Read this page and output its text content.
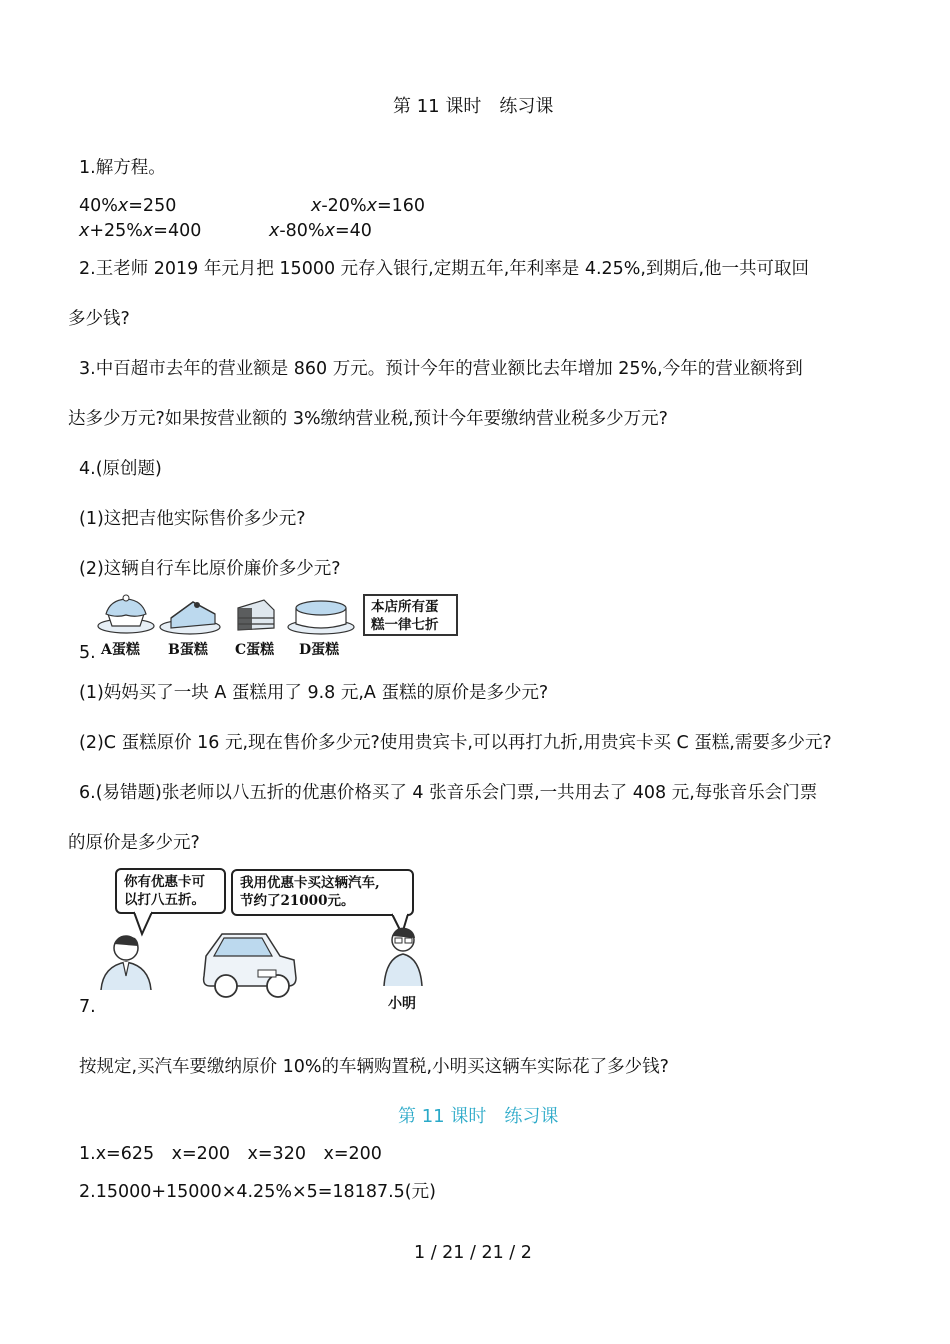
第 11 课时　练习课
1.解方程。
40%x=250	x-20%x=160
x+25%x=400	x-80%x=40
2.王老师 2019 年元月把 15000 元存入银行,定期五年,年利率是 4.25%,到期后,他一共可取回
多少钱?
3.中百超市去年的营业额是 860 万元。预计今年的营业额比去年增加 25%,今年的营业额将到
达多少万元?如果按营业额的 3%缴纳营业税,预计今年要缴纳营业税多少万元?
4.(原创题)
(1)这把吉他实际售价多少元?
(2)这辆自行车比原价廉价多少元?
5. A蛋糕 B蛋糕 C蛋糕 D蛋糕
本店所有蛋
糕一律七折
(1)妈妈买了一块 A 蛋糕用了 9.8 元,A 蛋糕的原价是多少元?
(2)C 蛋糕原价 16 元,现在售价多少元?使用贵宾卡,可以再打九折,用贵宾卡买 C 蛋糕,需要多少元?
6.(易错题)张老师以八五折的优惠价格买了 4 张音乐会门票,一共用去了 408 元,每张音乐会门票
的原价是多少元?
你有优惠卡可
以打八五折。
我用优惠卡买这辆汽车,
节约了21000元。
小明
7.
按规定,买汽车要缴纳原价 10%的车辆购置税,小明买这辆车实际花了多少钱?
第 11 课时　练习课
1.x=625　x=200　x=320　x=200
2.15000+15000×4.25%×5=18187.5(元)
1 / 21 / 21 / 2
